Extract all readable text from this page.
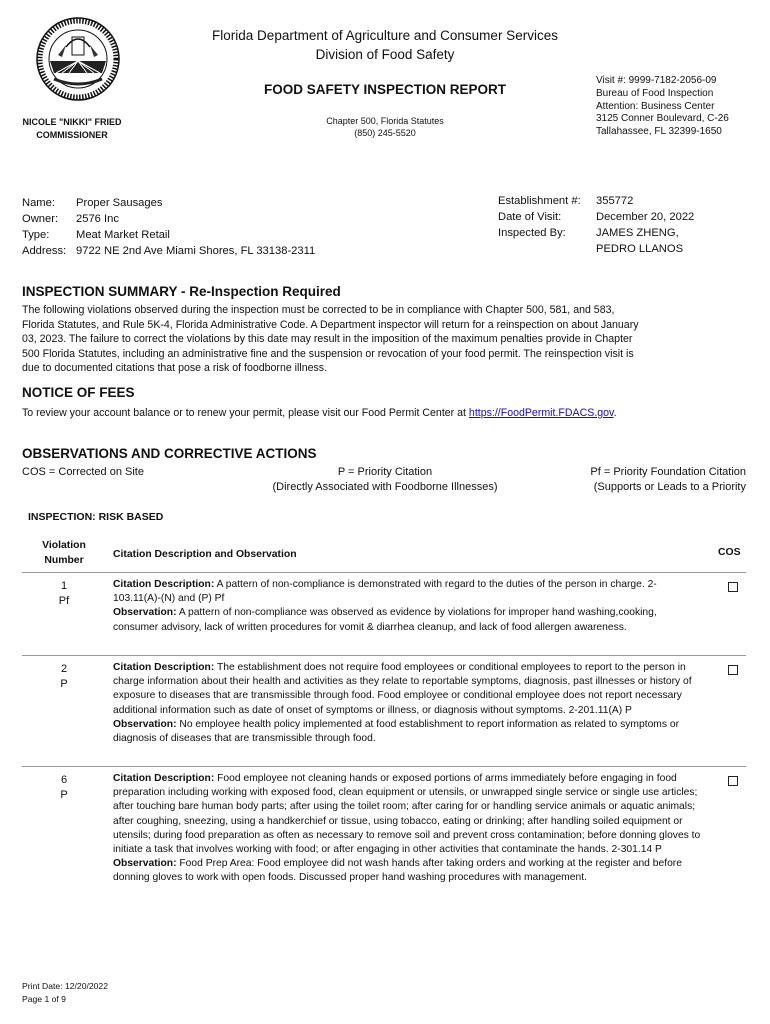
Florida Department of Agriculture and Consumer Services
Division of Food Safety
FOOD SAFETY INSPECTION REPORT
Chapter 500, Florida Statutes
(850) 245-5520
NICOLE "NIKKI" FRIED
COMMISSIONER
Visit #: 9999-7182-2056-09
Bureau of Food Inspection
Attention: Business Center
3125 Conner Boulevard, C-26
Tallahassee, FL 32399-1650
Name:
Owner:
Type:
Address:
Proper Sausages
2576 Inc
Meat Market Retail
9722 NE 2nd Ave Miami Shores, FL 33138-2311
Establishment #:
Date of Visit:
Inspected By:
355772
December 20, 2022
JAMES ZHENG,
PEDRO LLANOS
INSPECTION SUMMARY - Re-Inspection Required
The following violations observed during the inspection must be corrected to be in compliance with Chapter 500, 581, and 583,
Florida Statutes, and Rule 5K-4, Florida Administrative Code. A Department inspector will return for a reinspection on about January
03, 2023. The failure to correct the violations by this date may result in the imposition of the maximum penalties provide in Chapter
500 Florida Statutes, including an administrative fine and the suspension or revocation of your food permit. The reinspection visit is
due to documented citations that pose a risk of foodborne illness.
NOTICE OF FEES
To review your account balance or to renew your permit, please visit our Food Permit Center at https://FoodPermit.FDACS.gov.
OBSERVATIONS AND CORRECTIVE ACTIONS
COS = Corrected on Site	P = Priority Citation
(Directly Associated with Foodborne Illnesses)
Pf = Priority Foundation Citation
(Supports or Leads to a Priority
INSPECTION: RISK BASED
Violation
Number
Citation Description and Observation	COS
1
Pf
Citation Description: A pattern of non-compliance is demonstrated with regard to the duties of the person in charge. 2-103.11(A)-(N) and (P) Pf
Observation: A pattern of non-compliance was observed as evidence by violations for improper hand washing,cooking, consumer advisory, lack of written procedures for vomit & diarrhea cleanup, and lack of food allergen awareness.
2
P
Citation Description: The establishment does not require food employees or conditional employees to report to the person in charge information about their health and activities as they relate to reportable symptoms, diagnosis, past illnesses or history of exposure to diseases that are transmissible through food. Food employee or conditional employee does not report necessary additional information such as date of onset of symptoms or illness, or diagnosis without symptoms. 2-201.11(A) P
Observation: No employee health policy implemented at food establishment to report information as related to symptoms or diagnosis of diseases that are transmissible through food.
6
P
Citation Description: Food employee not cleaning hands or exposed portions of arms immediately before engaging in food preparation including working with exposed food, clean equipment or utensils, or unwrapped single service or single use articles; after touching bare human body parts; after using the toilet room; after caring for or handling service animals or aquatic animals; after coughing, sneezing, using a handkerchief or tissue, using tobacco, eating or drinking; after handling soiled equipment or utensils; during food preparation as often as necessary to remove soil and prevent cross contamination; before donning gloves to initiate a task that involves working with food; or after engaging in other activities that contaminate the hands. 2-301.14 P
Observation: Food Prep Area: Food employee did not wash hands after taking orders and working at the register and before donning gloves to work with open foods. Discussed proper hand washing procedures with management.
Print Date: 12/20/2022
Page 1 of 9
